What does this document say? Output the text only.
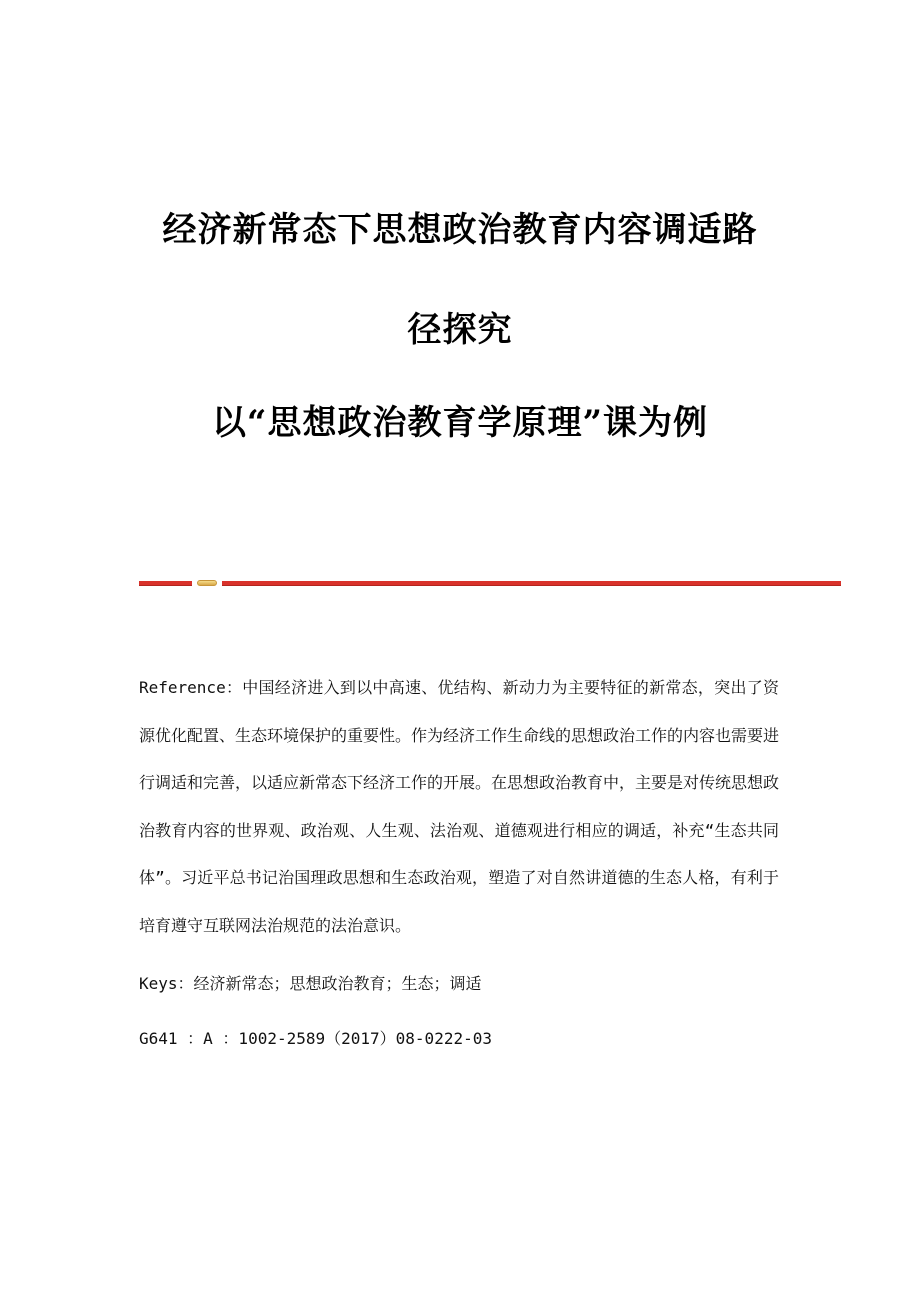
经济新常态下思想政治教育内容调适路
径探究
以“思想政治教育学原理”课为例

Reference：中国经济进入到以中高速、优结构、新动力为主要特征的新常态，突出了资源优化配置、生态环境保护的重要性。作为经济工作生命线的思想政治工作的内容也需要进行调适和完善，以适应新常态下经济工作的开展。在思想政治教育中，主要是对传统思想政治教育内容的世界观、政治观、人生观、法治观、道德观进行相应的调适，补充“生态共同体”。习近平总书记治国理政思想和生态政治观，塑造了对自然讲道德的生态人格，有利于培育遵守互联网法治规范的法治意识。

Keys：经济新常态；思想政治教育；生态；调适

G641 ：A ：1002-2589（2017）08-0222-03
